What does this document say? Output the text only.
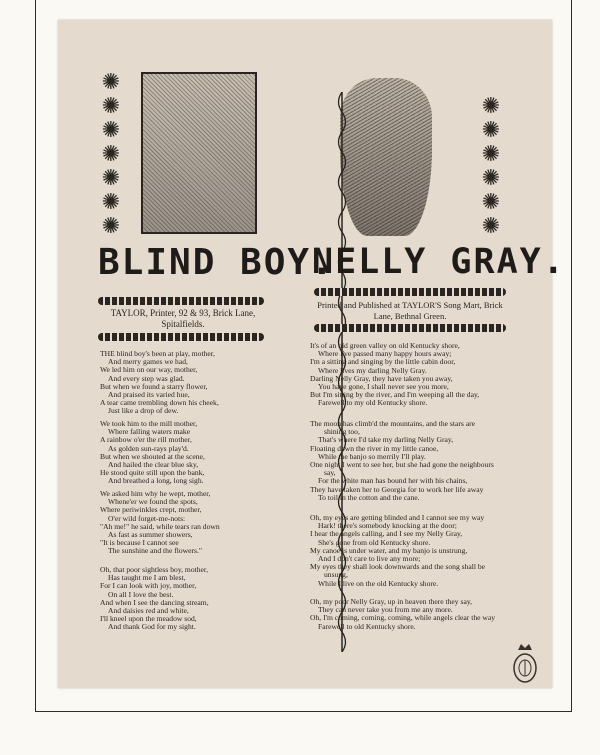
✺
✺
✺
✺
✺
✺
✺
✺
✺
✺
✺
✺
✺
BLIND BOY.
NELLY GRAY.
TAYLOR, Printer, 92 & 93, Brick Lane,
Spitalfields.
Printed and Published at TAYLOR'S Song Mart, Brick
Lane, Bethnal Green.
THE blind boy's been at play, mother,
And merry games we had,
We led him on our way, mother,
And every step was glad.
But when we found a starry flower,
And praised its varied hue,
A tear came trembling down his cheek,
Just like a drop of dew.
We took him to the mill mother,
Where falling waters make
A rainbow o'er the rill mother,
As golden sun-rays play'd.
But when we shouted at the scene,
And hailed the clear blue sky,
He stood quite still upon the bank,
And breathed a long, long sigh.
We asked him why he wept, mother,
Whene'er we found the spots,
Where periwinkles crept, mother,
O'er wild forget-me-nots:
"Ah me!" he said, while tears ran down
As fast as summer showers,
"It is because I cannot see
The sunshine and the flowers."
Oh, that poor sightless boy, mother,
Has taught me I am blest,
For I can look with joy, mother,
On all I love the best.
And when I see the dancing stream,
And daisies red and white,
I'll kneel upon the meadow sod,
And thank God for my sight.
It's of an old green valley on old Kentucky shore,
Where I've passed many happy hours away;
I'm a sitting and singing by the little cabin door,
Where lives my darling Nelly Gray.
Darling Nelly Gray, they have taken you away,
You have gone, I shall never see you more,
But I'm sitting by the river, and I'm weeping all the day,
Farewell to my old Kentucky shore.
The moon has climb'd the mountains, and the stars are
shining too,
That's where I'd take my darling Nelly Gray,
Floating down the river in my little canoe,
While the banjo so merrily I'll play.
One night I went to see her, but she had gone the neighbours
say,
For the white man has bound her with his chains,
They have taken her to Georgia for to work her life away
To toil in the cotton and the cane.
Oh, my eyes are getting blinded and I cannot see my way
Hark! there's somebody knocking at the door;
I hear the angels calling, and I see my Nelly Gray,
She's gone from old Kentucky shore.
My canoe is under water, and my banjo is unstrung,
And I don't care to live any more;
My eyes they shall look downwards and the song shall be
unsung,
While I live on the old Kentucky shore.
Oh, my poor Nelly Gray, up in heaven there they say,
They can never take you from me any more.
Oh, I'm coming, coming, coming, while angels clear the way
Farewell to old Kentucky shore.
